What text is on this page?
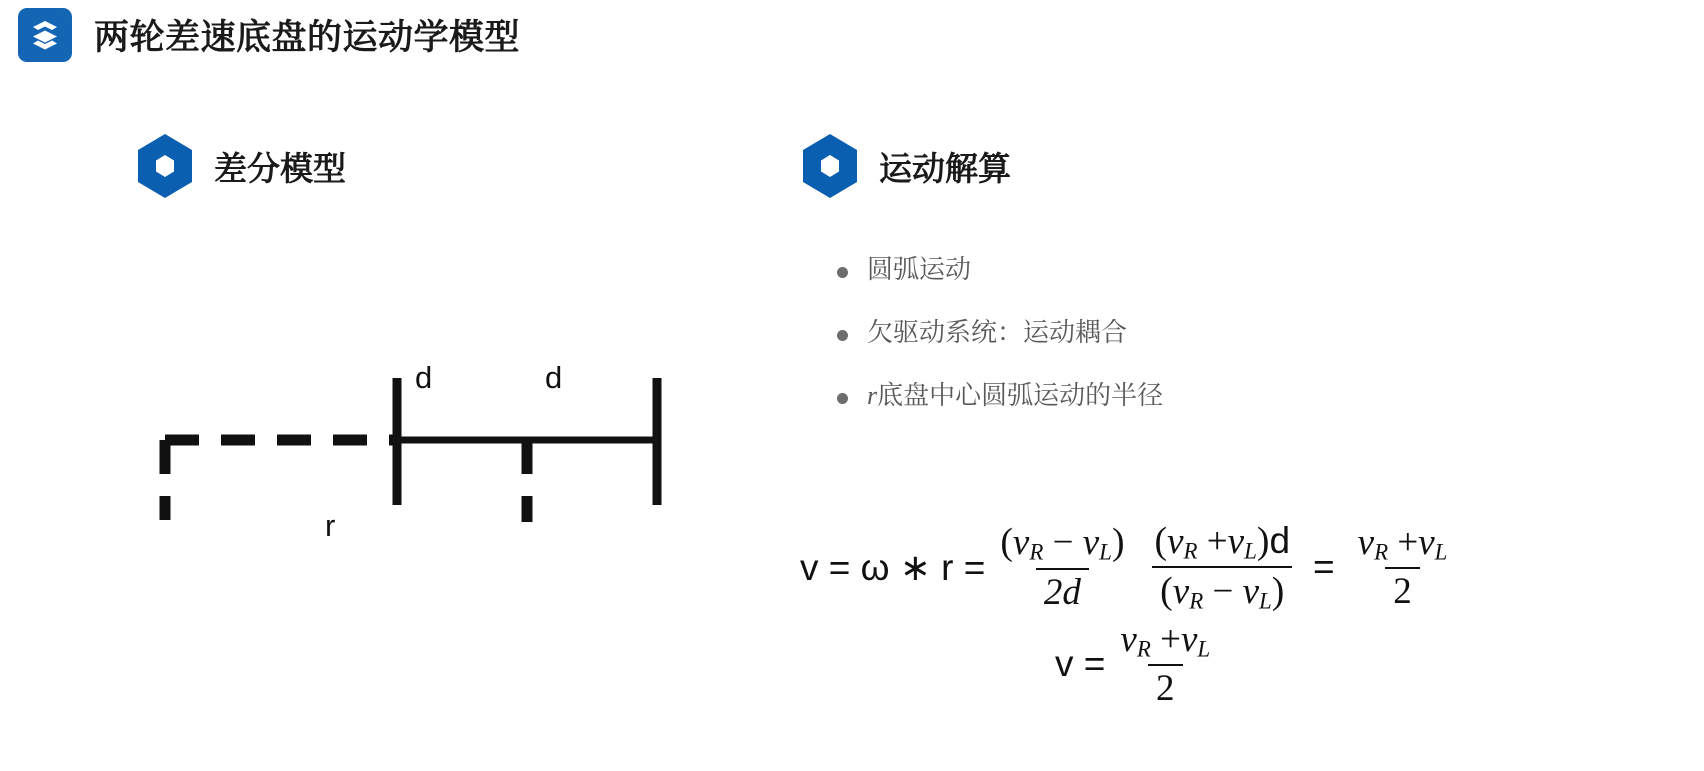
两轮差速底盘的运动学模型
差分模型
d	d
r
运动解算
圆弧运动
欠驱动系统：运动耦合
r底盘中心圆弧运动的半径
v = ω ∗ $r = \frac{(v_R - v_L)}{2d} \frac{(v_R +v_L)d}{(v_R - v_L)} = \frac{v_R +v_L}{2}$
$v = \frac{v_R +v_L}{2}$
